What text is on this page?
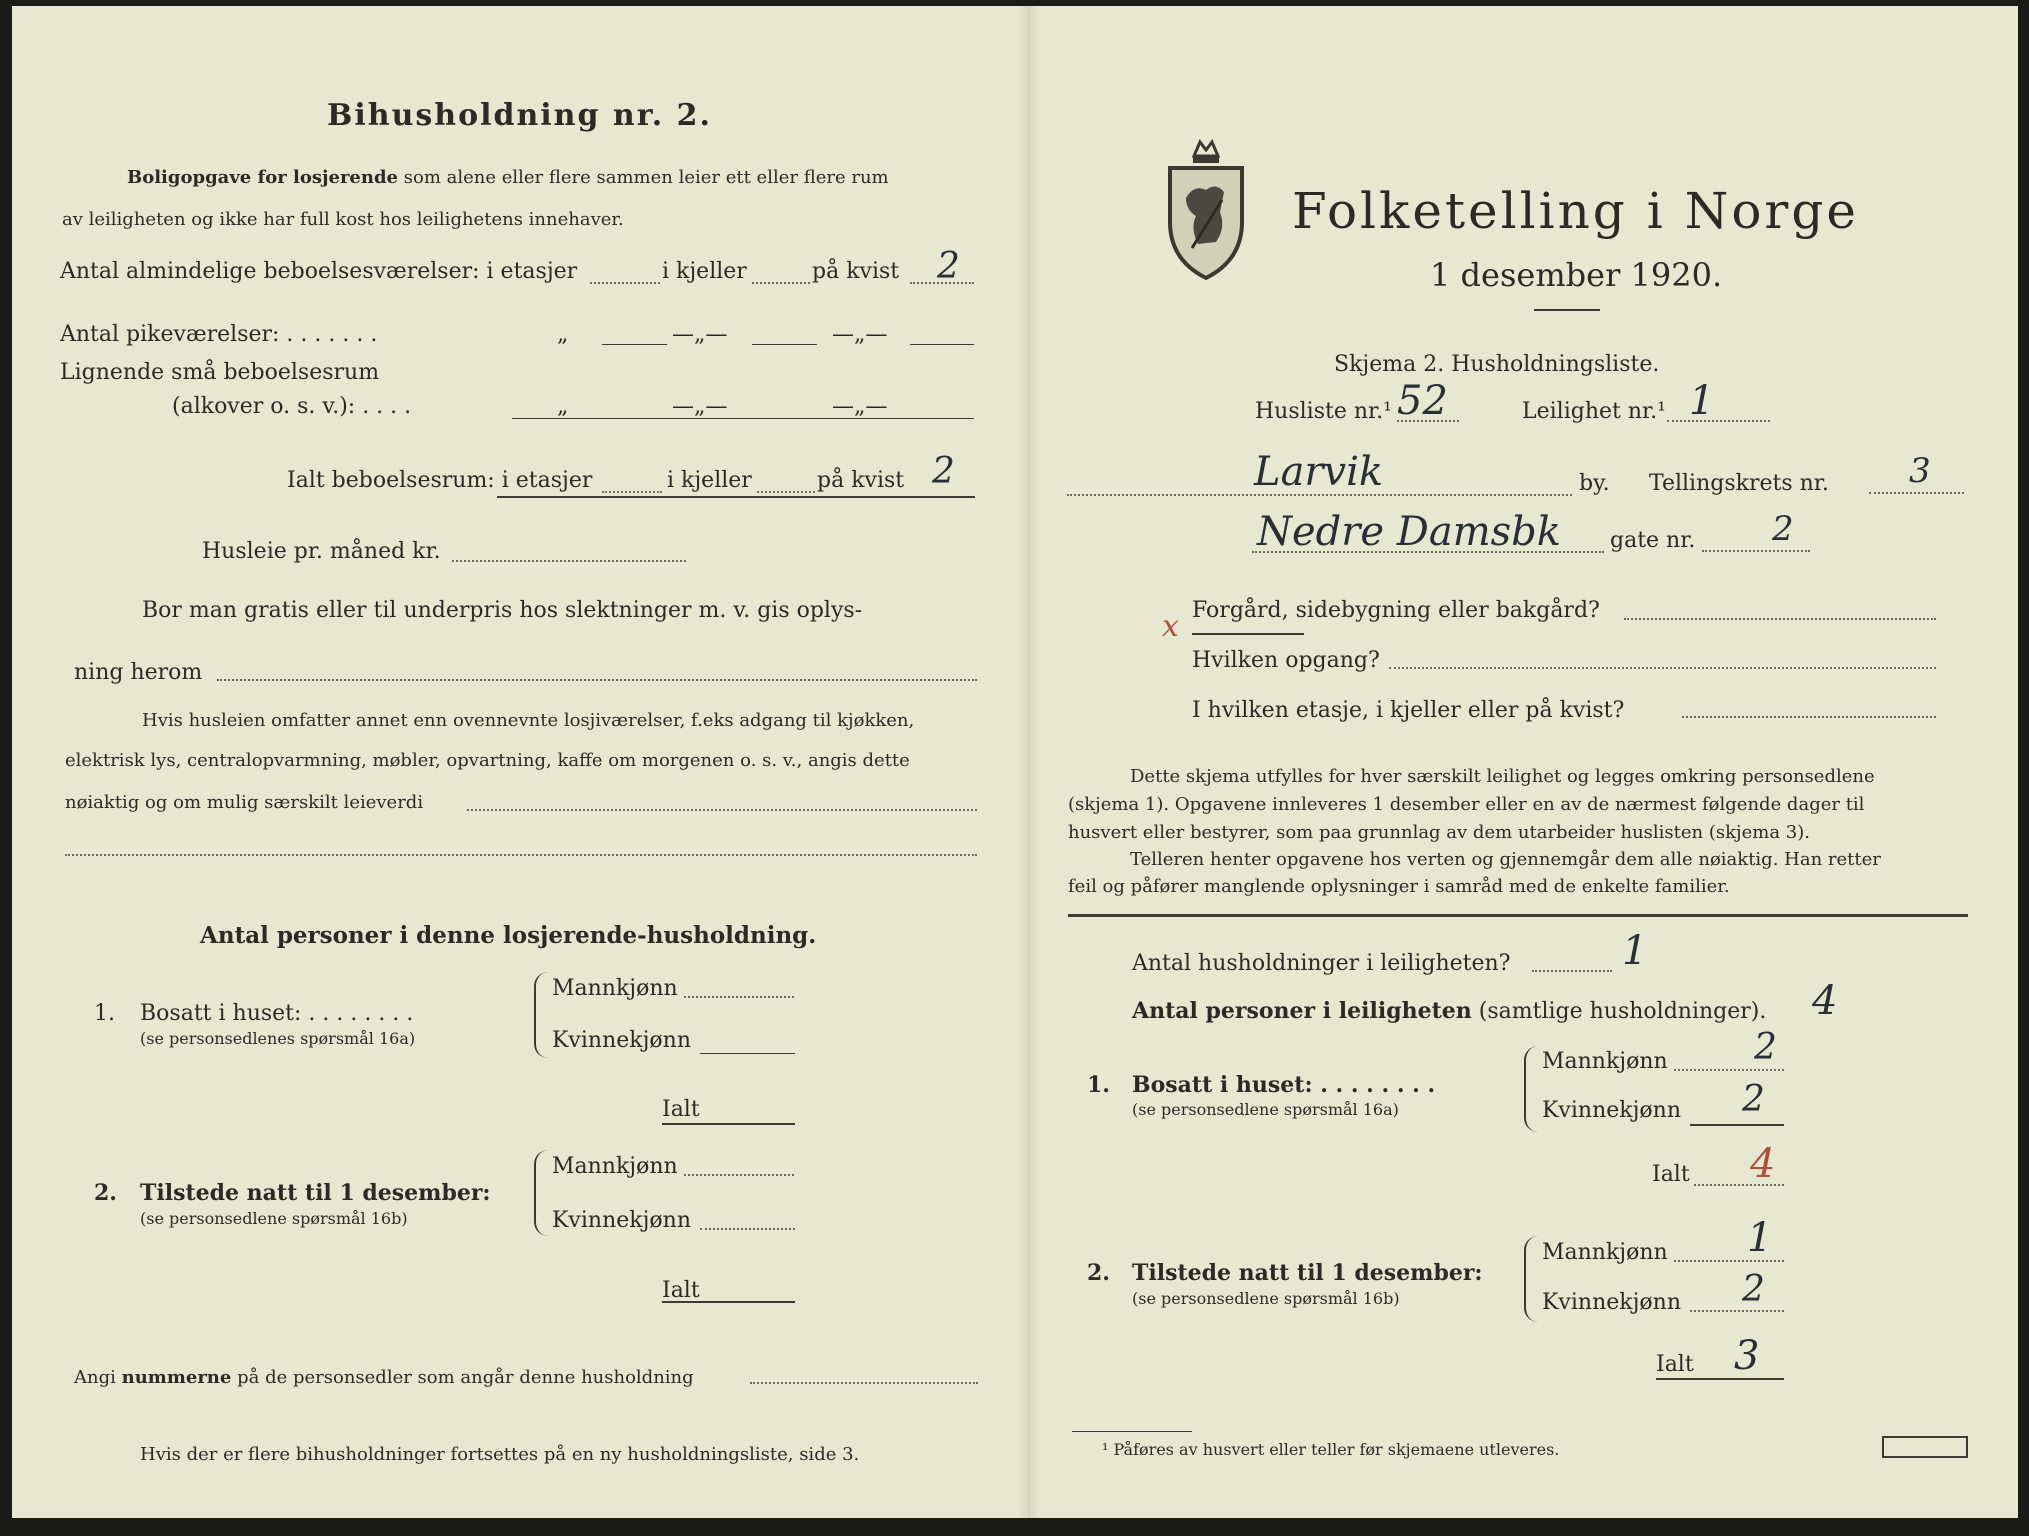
Bihusholdning nr. 2.
Boligopgave for losjerende som alene eller flere sammen leier ett eller flere rum
av leiligheten og ikke har full kost hos leilighetens innehaver.
Antal almindelige beboelsesværelser: i etasjer	i kjeller	på kvist 2
Antal pikeværelser: . . . . . . .	„	—„—	—„—
Lignende små beboelsesrum
(alkover o. s. v.): . . . .	„	—„—	—„—
Ialt beboelsesrum: i etasjer	i kjeller	på kvist 2
Husleie pr. måned kr.
Bor man gratis eller til underpris hos slektninger m. v. gis oplys-
ning herom
Hvis husleien omfatter annet enn ovennevnte losjiværelser, f.eks adgang til kjøkken,
elektrisk lys, centralopvarmning, møbler, opvartning, kaffe om morgenen o. s. v., angis dette
nøiaktig og om mulig særskilt leieverdi
Antal personer i denne losjerende-husholdning.
1. Bosatt i huset: . . . . . . . .
(se personsedlenes spørsmål 16a)
Mannkjønn
Kvinnekjønn
Ialt
2. Tilstede natt til 1 desember:
(se personsedlene spørsmål 16b)
Mannkjønn
Kvinnekjønn
Ialt
Angi nummerne på de personsedler som angår denne husholdning
Hvis der er flere bihusholdninger fortsettes på en ny husholdningsliste, side 3.
Folketelling i Norge
1 desember 1920.
Skjema 2. Husholdningsliste.
Husliste nr.¹ 52	Leilighet nr.¹ 1
Larvik	by. Tellingskrets nr. 3
Nedre Damsbk gate nr. 2
x Forgård, sidebygning eller bakgård?
Hvilken opgang?
I hvilken etasje, i kjeller eller på kvist?
Dette skjema utfylles for hver særskilt leilighet og legges omkring personsedlene
(skjema 1). Opgavene innleveres 1 desember eller en av de nærmest følgende dager til
husvert eller bestyrer, som paa grunnlag av dem utarbeider huslisten (skjema 3).
Telleren henter opgavene hos verten og gjennemgår dem alle nøiaktig. Han retter
feil og påfører manglende oplysninger i samråd med de enkelte familier.
Antal husholdninger i leiligheten?	1
Antal personer i leiligheten (samtlige husholdninger). 4
1. Bosatt i huset: . . . . . . . .
(se personsedlene spørsmål 16a)
Mannkjønn 2
Kvinnekjønn 2
Ialt 4
2. Tilstede natt til 1 desember:
(se personsedlene spørsmål 16b)
Mannkjønn 1
Kvinnekjønn 2
Ialt 3
¹ Påføres av husvert eller teller før skjemaene utleveres.
